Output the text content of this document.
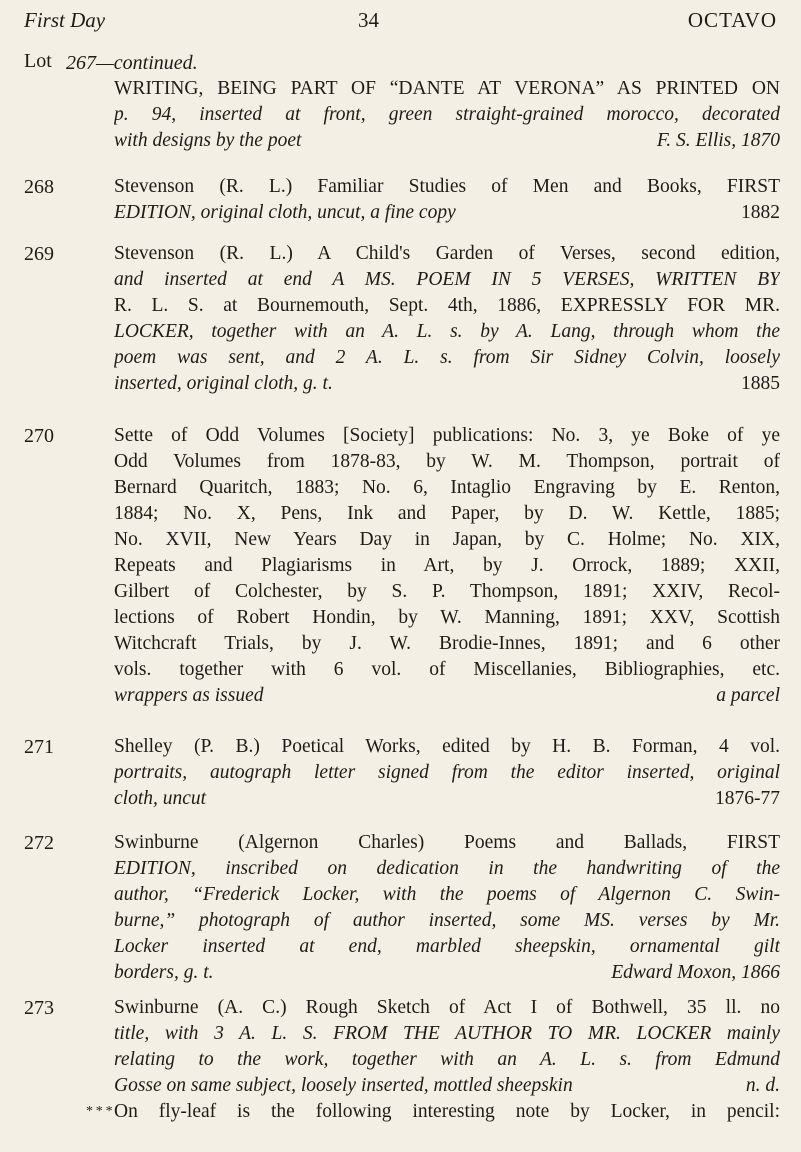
First Day	34	OCTAVO
Lot 267—continued.
WRITING, BEING PART OF “DANTE AT VERONA” AS PRINTED ON
p. 94, inserted at front, green straight-grained morocco, decorated
with designs by the poet	F. S. Ellis, 1870
268	Stevenson (R. L.) Familiar Studies of Men and Books, FIRST
EDITION, original cloth, uncut, a fine copy	1882
269	Stevenson (R. L.) A Child's Garden of Verses, second edition,
and inserted at end A MS. POEM IN 5 VERSES, WRITTEN BY
R. L. S. at Bournemouth, Sept. 4th, 1886, EXPRESSLY FOR MR.
LOCKER, together with an A. L. s. by A. Lang, through whom the
poem was sent, and 2 A. L. s. from Sir Sidney Colvin, loosely
inserted, original cloth, g. t.	1885
270	Sette of Odd Volumes [Society] publications: No. 3, ye Boke of ye
Odd Volumes from 1878-83, by W. M. Thompson, portrait of
Bernard Quaritch, 1883; No. 6, Intaglio Engraving by E. Renton,
1884; No. X, Pens, Ink and Paper, by D. W. Kettle, 1885;
No. XVII, New Years Day in Japan, by C. Holme; No. XIX,
Repeats and Plagiarisms in Art, by J. Orrock, 1889; XXII,
Gilbert of Colchester, by S. P. Thompson, 1891; XXIV, Recol-
lections of Robert Hondin, by W. Manning, 1891; XXV, Scottish
Witchcraft Trials, by J. W. Brodie-Innes, 1891; and 6 other
vols. together with 6 vol. of Miscellanies, Bibliographies, etc.
wrappers as issued	a parcel
271	Shelley (P. B.) Poetical Works, edited by H. B. Forman, 4 vol.
portraits, autograph letter signed from the editor inserted, original
cloth, uncut	1876-77
272	Swinburne (Algernon Charles) Poems and Ballads, FIRST
EDITION, inscribed on dedication in the handwriting of the
author, “Frederick Locker, with the poems of Algernon C. Swin-
burne,” photograph of author inserted, some MS. verses by Mr.
Locker inserted at end, marbled sheepskin, ornamental gilt
borders, g. t.	Edward Moxon, 1866
273	Swinburne (A. C.) Rough Sketch of Act I of Bothwell, 35 ll. no
title, with 3 A. L. S. FROM THE AUTHOR TO MR. LOCKER mainly
relating to the work, together with an A. L. s. from Edmund
Gosse on same subject, loosely inserted, mottled sheepskin	n. d.
* * * On fly-leaf is the following interesting note by Locker, in pencil:
